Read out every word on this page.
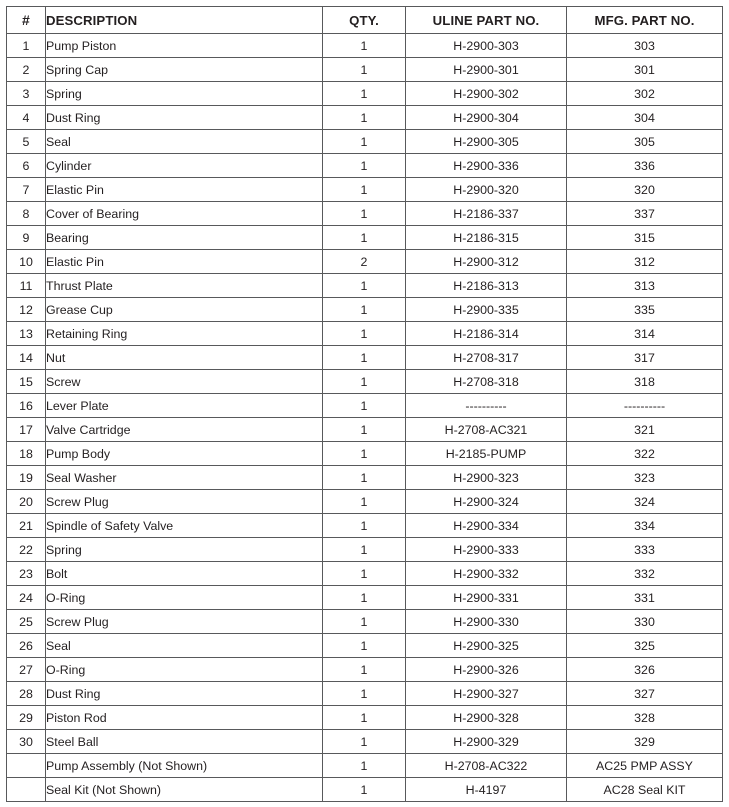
#	DESCRIPTION	QTY.	ULINE PART NO.	MFG. PART NO.
1	Pump Piston	1	H-2900-303	303
2	Spring Cap	1	H-2900-301	301
3	Spring	1	H-2900-302	302
4	Dust Ring	1	H-2900-304	304
5	Seal	1	H-2900-305	305
6	Cylinder	1	H-2900-336	336
7	Elastic Pin	1	H-2900-320	320
8	Cover of Bearing	1	H-2186-337	337
9	Bearing	1	H-2186-315	315
10	Elastic Pin	2	H-2900-312	312
11	Thrust Plate	1	H-2186-313	313
12	Grease Cup	1	H-2900-335	335
13	Retaining Ring	1	H-2186-314	314
14	Nut	1	H-2708-317	317
15	Screw	1	H-2708-318	318
16	Lever Plate	1	----------	----------
17	Valve Cartridge	1	H-2708-AC321	321
18	Pump Body	1	H-2185-PUMP	322
19	Seal Washer	1	H-2900-323	323
20	Screw Plug	1	H-2900-324	324
21	Spindle of Safety Valve	1	H-2900-334	334
22	Spring	1	H-2900-333	333
23	Bolt	1	H-2900-332	332
24	O-Ring	1	H-2900-331	331
25	Screw Plug	1	H-2900-330	330
26	Seal	1	H-2900-325	325
27	O-Ring	1	H-2900-326	326
28	Dust Ring	1	H-2900-327	327
29	Piston Rod	1	H-2900-328	328
30	Steel Ball	1	H-2900-329	329
	Pump Assembly (Not Shown)	1	H-2708-AC322	AC25 PMP ASSY
	Seal Kit (Not Shown)	1	H-4197	AC28 Seal KIT
